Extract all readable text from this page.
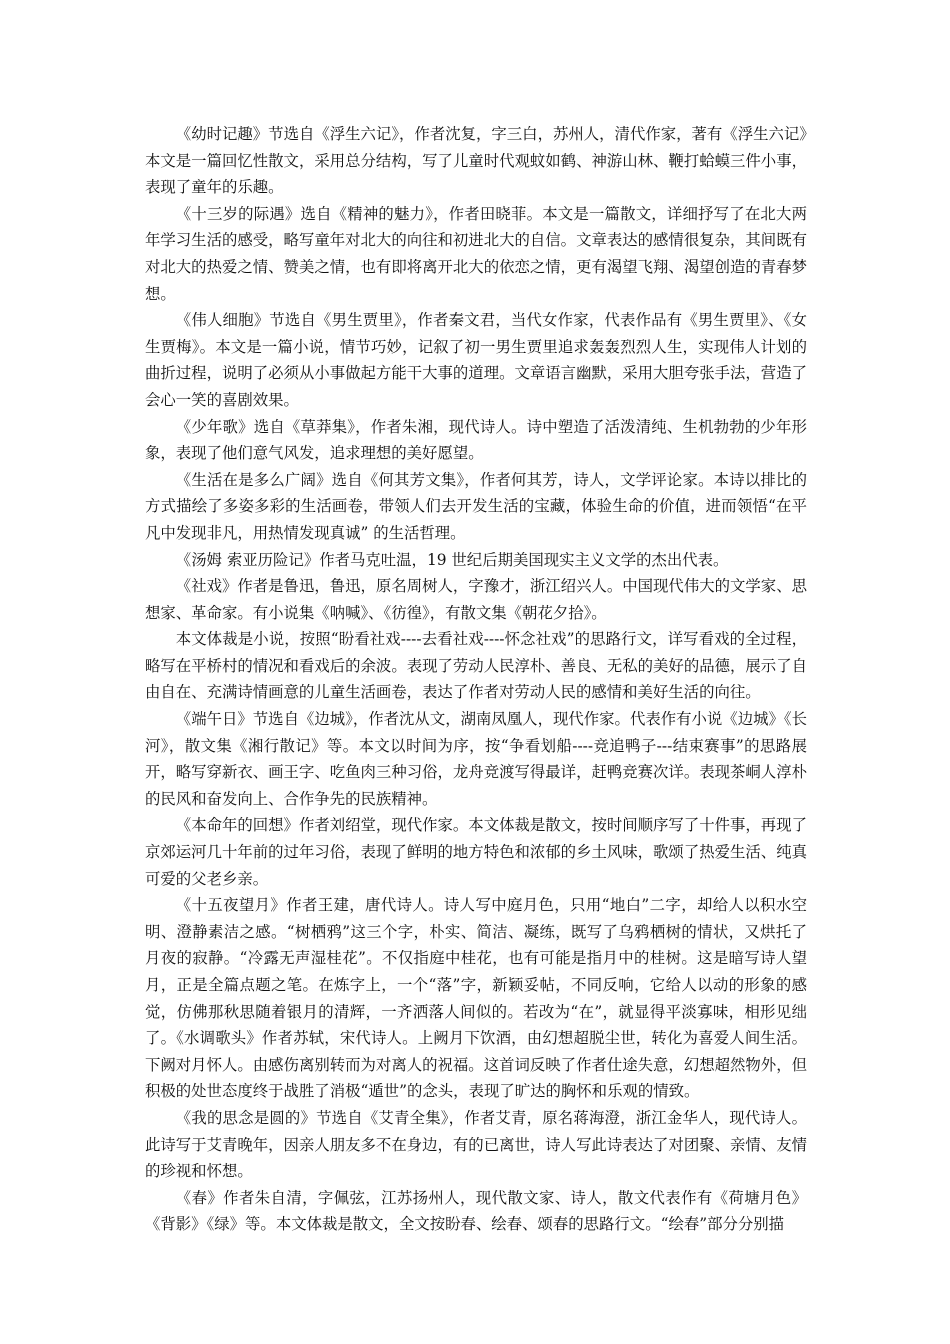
《幼时记趣》节选自《浮生六记》，作者沈复，字三白，苏州人，清代作家，著有《浮生六记》本文是一篇回忆性散文，采用总分结构，写了儿童时代观蚊如鹤、神游山林、鞭打蛤蟆三件小事，表现了童年的乐趣。

《十三岁的际遇》选自《精神的魅力》，作者田晓菲。本文是一篇散文，详细抒写了在北大两年学习生活的感受，略写童年对北大的向往和初进北大的自信。文章表达的感情很复杂，其间既有对北大的热爱之情、赞美之情，也有即将离开北大的依恋之情，更有渴望飞翔、渴望创造的青春梦想。

《伟人细胞》节选自《男生贾里》，作者秦文君，当代女作家，代表作品有《男生贾里》、《女生贾梅》。本文是一篇小说，情节巧妙，记叙了初一男生贾里追求轰轰烈烈人生，实现伟人计划的曲折过程，说明了必须从小事做起方能干大事的道理。文章语言幽默，采用大胆夸张手法，营造了会心一笑的喜剧效果。

《少年歌》选自《草莽集》，作者朱湘，现代诗人。诗中塑造了活泼清纯、生机勃勃的少年形象，表现了他们意气风发，追求理想的美好愿望。

《生活在是多么广阔》选自《何其芳文集》，作者何其芳，诗人，文学评论家。本诗以排比的方式描绘了多姿多彩的生活画卷，带领人们去开发生活的宝藏，体验生命的价值，进而领悟“在平凡中发现非凡，用热情发现真诚” 的生活哲理。

《汤姆 索亚历险记》作者马克吐温，19 世纪后期美国现实主义文学的杰出代表。

《社戏》作者是鲁迅，鲁迅，原名周树人，字豫才，浙江绍兴人。中国现代伟大的文学家、思想家、革命家。有小说集《呐喊》、《彷徨》，有散文集《朝花夕拾》。

本文体裁是小说，按照“盼看社戏----去看社戏----怀念社戏”的思路行文，详写看戏的全过程，略写在平桥村的情况和看戏后的余波。表现了劳动人民淳朴、善良、无私的美好的品德，展示了自由自在、充满诗情画意的儿童生活画卷，表达了作者对劳动人民的感情和美好生活的向往。

《端午日》节选自《边城》，作者沈从文，湖南凤凰人，现代作家。代表作有小说《边城》《长河》，散文集《湘行散记》等。本文以时间为序，按“争看划船----竞追鸭子---结束赛事”的思路展开，略写穿新衣、画王字、吃鱼肉三种习俗，龙舟竞渡写得最详，赶鸭竞赛次详。表现茶峒人淳朴的民风和奋发向上、合作争先的民族精神。

《本命年的回想》作者刘绍堂，现代作家。本文体裁是散文，按时间顺序写了十件事，再现了京郊运河几十年前的过年习俗，表现了鲜明的地方特色和浓郁的乡土风味，歌颂了热爱生活、纯真可爱的父老乡亲。

《十五夜望月》作者王建，唐代诗人。诗人写中庭月色，只用“地白”二字，却给人以积水空明、澄静素洁之感。“树栖鸦”这三个字，朴实、简洁、凝练，既写了乌鸦栖树的情状，又烘托了月夜的寂静。“冷露无声湿桂花”。不仅指庭中桂花，也有可能是指月中的桂树。这是暗写诗人望月，正是全篇点题之笔。在炼字上，一个“落”字，新颖妥帖，不同反响，它给人以动的形象的感觉，仿佛那秋思随着银月的清辉，一齐洒落人间似的。若改为“在”，就显得平淡寡味，相形见绌了。《水调歌头》作者苏轼，宋代诗人。上阙月下饮酒，由幻想超脱尘世，转化为喜爱人间生活。下阙对月怀人。由感伤离别转而为对离人的祝福。这首词反映了作者仕途失意，幻想超然物外，但积极的处世态度终于战胜了消极“遁世”的念头，表现了旷达的胸怀和乐观的情致。

《我的思念是圆的》节选自《艾青全集》，作者艾青，原名蒋海澄，浙江金华人，现代诗人。此诗写于艾青晚年，因亲人朋友多不在身边，有的已离世，诗人写此诗表达了对团聚、亲情、友情的珍视和怀想。

《春》作者朱自清，字佩弦，江苏扬州人，现代散文家、诗人，散文代表作有《荷塘月色》《背影》《绿》等。本文体裁是散文，全文按盼春、绘春、颂春的思路行文。“绘春”部分分别描
